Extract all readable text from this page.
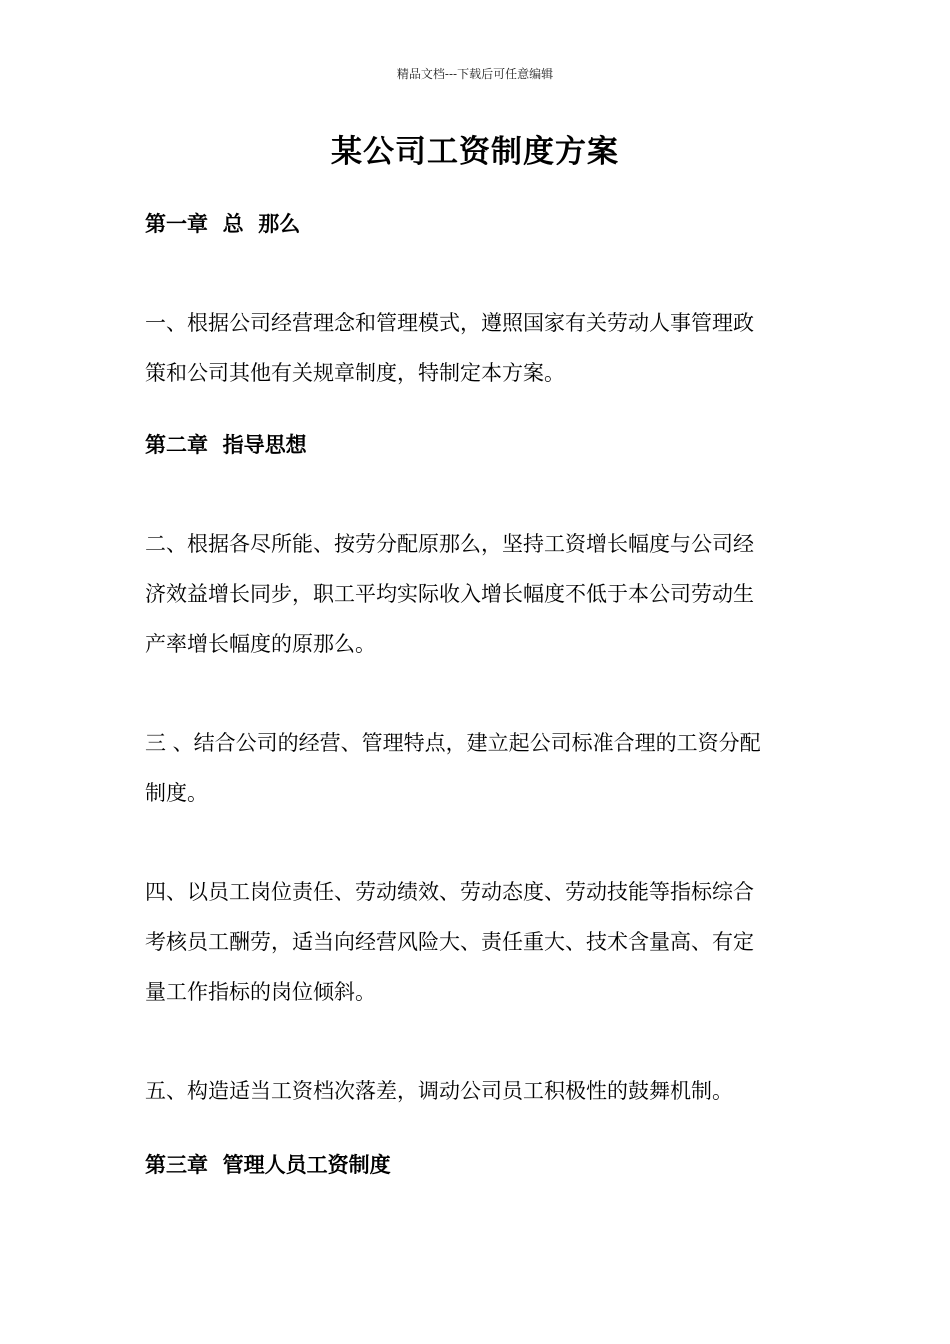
精品文档---下载后可任意编辑
某公司工资制度方案
第一章  总  那么
一、根据公司经营理念和管理模式，遵照国家有关劳动人事管理政
策和公司其他有关规章制度，特制定本方案。
第二章  指导思想
二、根据各尽所能、按劳分配原那么，坚持工资增长幅度与公司经
济效益增长同步，职工平均实际收入增长幅度不低于本公司劳动生
产率增长幅度的原那么。
三 、结合公司的经营、管理特点，建立起公司标准合理的工资分配
制度。
四、以员工岗位责任、劳动绩效、劳动态度、劳动技能等指标综合
考核员工酬劳，适当向经营风险大、责任重大、技术含量高、有定
量工作指标的岗位倾斜。
五、构造适当工资档次落差，调动公司员工积极性的鼓舞机制。
第三章  管理人员工资制度
